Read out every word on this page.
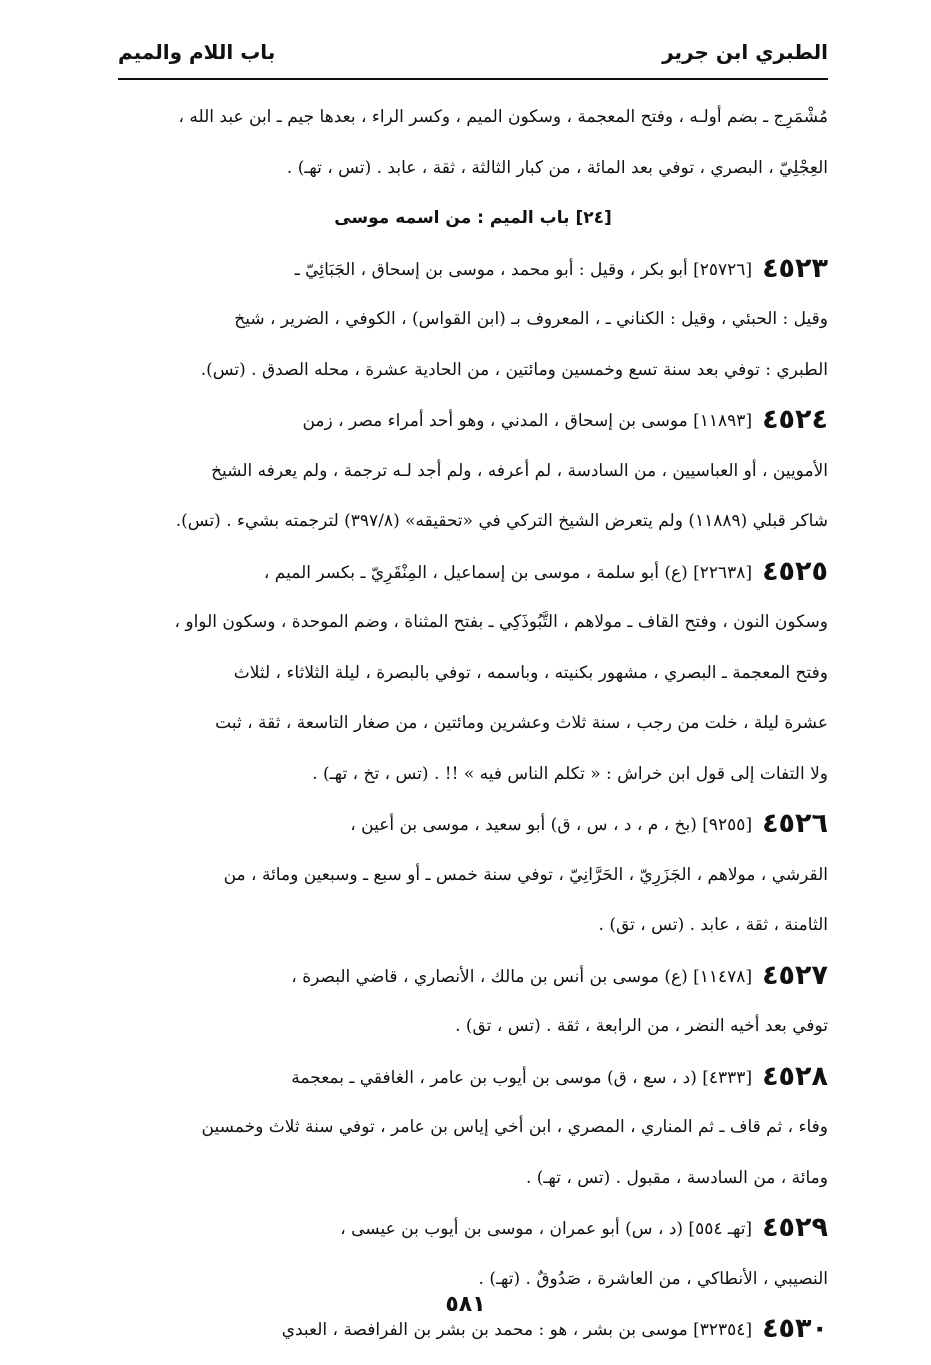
الطبري ابن جرير
باب اللام والميم
مُشْمَرِج ـ بضم أولـه ، وفتح المعجمة ، وسكون الميم ، وكسر الراء ، بعدها جيم ـ ابن عبد الله ،
العِجْلِيّ ، البصري ، توفي بعد المائة ، من كبار الثالثة ، ثقة ، عابد . (تس ، تهـ) .
[٢٤] باب الميم : من اسمه موسى
٤٥٢٣[٢٥٧٢٦] أبو بكر ، وقيل : أبو محمد ، موسى بن إسحاق ، الجَبَائِيّ ـ
وقيل : الحبئي ، وقيل : الكناني ـ ، المعروف بـ (ابن القواس) ، الكوفي ، الضرير ، شيخ
الطبري : توفي بعد سنة تسع وخمسين ومائتين ، من الحادية عشرة ، محله الصدق . (تس).
٤٥٢٤[١١٨٩٣] موسى بن إسحاق ، المدني ، وهو أحد أمراء مصر ، زمن
الأمويين ، أو العباسيين ، من السادسة ، لم أعرفه ، ولم أجد لـه ترجمة ، ولم يعرفه الشيخ
شاكر قبلي (١١٨٨٩) ولم يتعرض الشيخ التركي في «تحقيقه» (٣٩٧/٨) لترجمته بشيء . (تس).
٤٥٢٥[٢٢٦٣٨] (ع) أبو سلمة ، موسى بن إسماعيل ، المِنْقَرِيّ ـ بكسر الميم ،
وسكون النون ، وفتح القاف ـ مولاهم ، التَّبُوذَكِي ـ بفتح المثناة ، وضم الموحدة ، وسكون الواو ،
وفتح المعجمة ـ البصري ، مشهور بكنيته ، وباسمه ، توفي بالبصرة ، ليلة الثلاثاء ، لثلاث
عشرة ليلة ، خلت من رجب ، سنة ثلاث وعشرين ومائتين ، من صغار التاسعة ، ثقة ، ثبت
ولا التفات إلى قول ابن خراش : « تكلم الناس فيه » !! . (تس ، تخ ، تهـ) .
٤٥٢٦[٩٢٥٥] (بخ ، م ، د ، س ، ق) أبو سعيد ، موسى بن أعين ،
القرشي ، مولاهم ، الجَزَرِيّ ، الحَرَّانِيّ ، توفي سنة خمس ـ أو سبع ـ وسبعين ومائة ، من
الثامنة ، ثقة ، عابد . (تس ، تق) .
٤٥٢٧[١١٤٧٨] (ع) موسى بن أنس بن مالك ، الأنصاري ، قاضي البصرة ،
توفي بعد أخيه النضر ، من الرابعة ، ثقة . (تس ، تق) .
٤٥٢٨[٤٣٣٣] (د ، سع ، ق) موسى بن أيوب بن عامر ، الغافقي ـ بمعجمة
وفاء ، ثم قاف ـ ثم المناري ، المصري ، ابن أخي إياس بن عامر ، توفي سنة ثلاث وخمسين
ومائة ، من السادسة ، مقبول . (تس ، تهـ) .
٤٥٢٩[تهـ ٥٥٤] (د ، س) أبو عمران ، موسى بن أيوب بن عيسى ،
النصيبي ، الأنطاكي ، من العاشرة ، صَدُوقٌ . (تهـ) .
٤٥٣٠[٣٢٣٥٤] موسى بن بشر ، هو : محمد بن بشر بن الفرافصة ، العبدي
٥٨١
